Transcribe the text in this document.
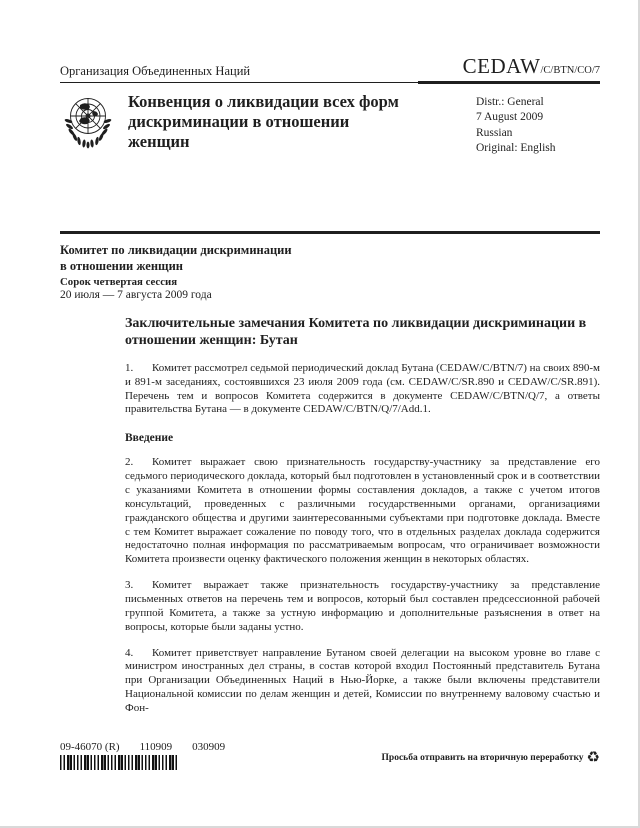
Организация Объединенных Наций	CEDAW/C/BTN/CO/7
Конвенция о ликвидации всех форм дискриминации в отношении женщин
Distr.: General
7 August 2009
Russian
Original: English
Комитет по ликвидации дискриминации
в отношении женщин
Сорок четвертая сессия
20 июля — 7 августа 2009 года
Заключительные замечания Комитета по ликвидации дискриминации в отношении женщин: Бутан

1. Комитет рассмотрел седьмой периодический доклад Бутана (CEDAW/C/BTN/7) на своих 890-м и 891-м заседаниях, состоявшихся 23 июля 2009 года (см. CEDAW/C/SR.890 и CEDAW/C/SR.891). Перечень тем и вопросов Комитета содержится в документе CEDAW/C/BTN/Q/7, а ответы правительства Бутана — в документе CEDAW/C/BTN/Q/7/Add.1.

Введение

2. Комитет выражает свою признательность государству-участнику за представление его седьмого периодического доклада, который был подготовлен в установленный срок и в соответствии с указаниями Комитета в отношении формы составления докладов, а также с учетом итогов консультаций, проведенных с различными государственными органами, организациями гражданского общества и другими заинтересованными субъектами при подготовке доклада. Вместе с тем Комитет выражает сожаление по поводу того, что в отдельных разделах доклада содержится недостаточно полная информация по рассматриваемым вопросам, что ограничивает возможности Комитета произвести оценку фактического положения женщин в некоторых областях.

3. Комитет выражает также признательность государству-участнику за представление письменных ответов на перечень тем и вопросов, который был составлен предсессионной рабочей группой Комитета, а также за устную информацию и дополнительные разъяснения в ответ на вопросы, которые были заданы устно.

4. Комитет приветствует направление Бутаном своей делегации на высоком уровне во главе с министром иностранных дел страны, в состав которой входил Постоянный представитель Бутана при Организации Объединенных Наций в Нью-Йорке, а также были включены представители Национальной комиссии по делам женщин и детей, Комиссии по внутреннему валовому счастью и Фон-

09-46070 (R) 110909 030909
Просьба отправить на вторичную переработку ♻
